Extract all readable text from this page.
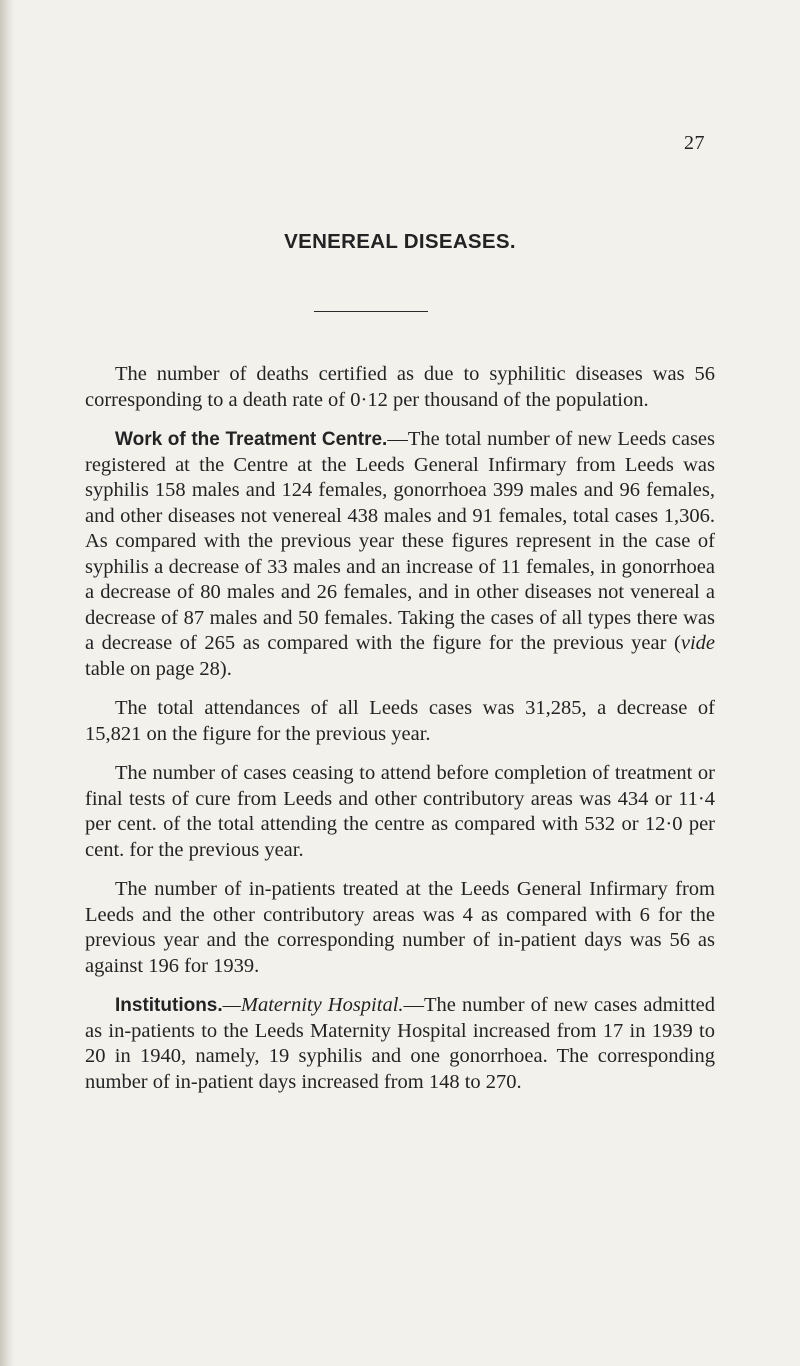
27
VENEREAL DISEASES.

The number of deaths certified as due to syphilitic diseases was 56 corresponding to a death rate of 0·12 per thousand of the population.

Work of the Treatment Centre.—The total number of new Leeds cases registered at the Centre at the Leeds General Infirmary from Leeds was syphilis 158 males and 124 females, gonorrhoea 399 males and 96 females, and other diseases not venereal 438 males and 91 females, total cases 1,306. As compared with the previous year these figures represent in the case of syphilis a decrease of 33 males and an increase of 11 females, in gonorrhoea a decrease of 80 males and 26 females, and in other diseases not venereal a decrease of 87 males and 50 females. Taking the cases of all types there was a decrease of 265 as compared with the figure for the previous year (vide table on page 28).

The total attendances of all Leeds cases was 31,285, a decrease of 15,821 on the figure for the previous year.

The number of cases ceasing to attend before completion of treatment or final tests of cure from Leeds and other contributory areas was 434 or 11·4 per cent. of the total attending the centre as compared with 532 or 12·0 per cent. for the previous year.

The number of in-patients treated at the Leeds General Infirmary from Leeds and the other contributory areas was 4 as compared with 6 for the previous year and the corresponding number of in-patient days was 56 as against 196 for 1939.

Institutions.—Maternity Hospital.—The number of new cases admitted as in-patients to the Leeds Maternity Hospital increased from 17 in 1939 to 20 in 1940, namely, 19 syphilis and one gonorrhoea. The corresponding number of in-patient days increased from 148 to 270.
